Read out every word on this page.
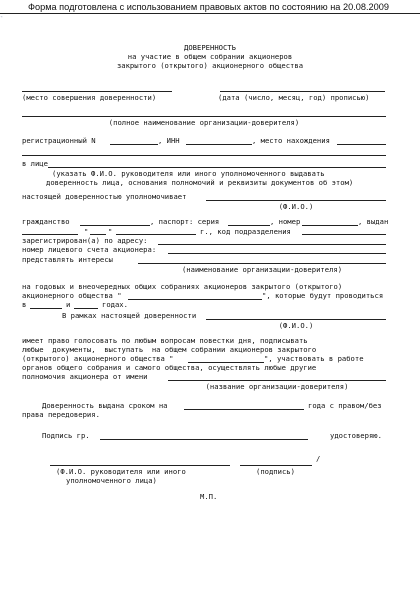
Форма подготовлена с использованием правовых актов по состоянию на 20.08.2009
ДОВЕРЕННОСТЬ
на участие в общем собрании акционеров
закрытого (открытого) акционерного общества
(место совершения доверенности)	(дата (число, месяц, год) прописью)
(полное наименование организации-доверителя)
регистрационный N	, ИНН	, место нахождения
в лице
(указать Ф.И.О. руководителя или иного уполномоченного выдавать
доверенность лица, основания полномочий и реквизиты документов об этом)
настоящей доверенностью уполномочивает
(Ф.И.О.)
гражданство	, паспорт: серия	, номер	, выдан
"	"	г., код подразделения
зарегистрирован(а) по адресу:
номер лицевого счета акционера:
представлять интересы
(наименование организации-доверителя)
на годовых и внеочередных общих собраниях акционеров закрытого (открытого)
акционерного общества "	", которые будут проводиться
в	и	годах.
В рамках настоящей доверенности
(Ф.И.О.)
имеет право голосовать по любым вопросам повестки дня, подписывать
любые  документы,  выступать  на общем собрании акционеров закрытого
(открытого) акционерного общества "	", участвовать в работе
органов общего собрания и самого общества, осуществлять любые другие
полномочия акционера от имени
(название организации-доверителя)
Доверенность выдана сроком на	года с правом/без
права передоверия.
Подпись гр.	удостоверяю.
/
(Ф.И.О. руководителя или иного
уполномоченного лица)
(подпись)
М.П.
